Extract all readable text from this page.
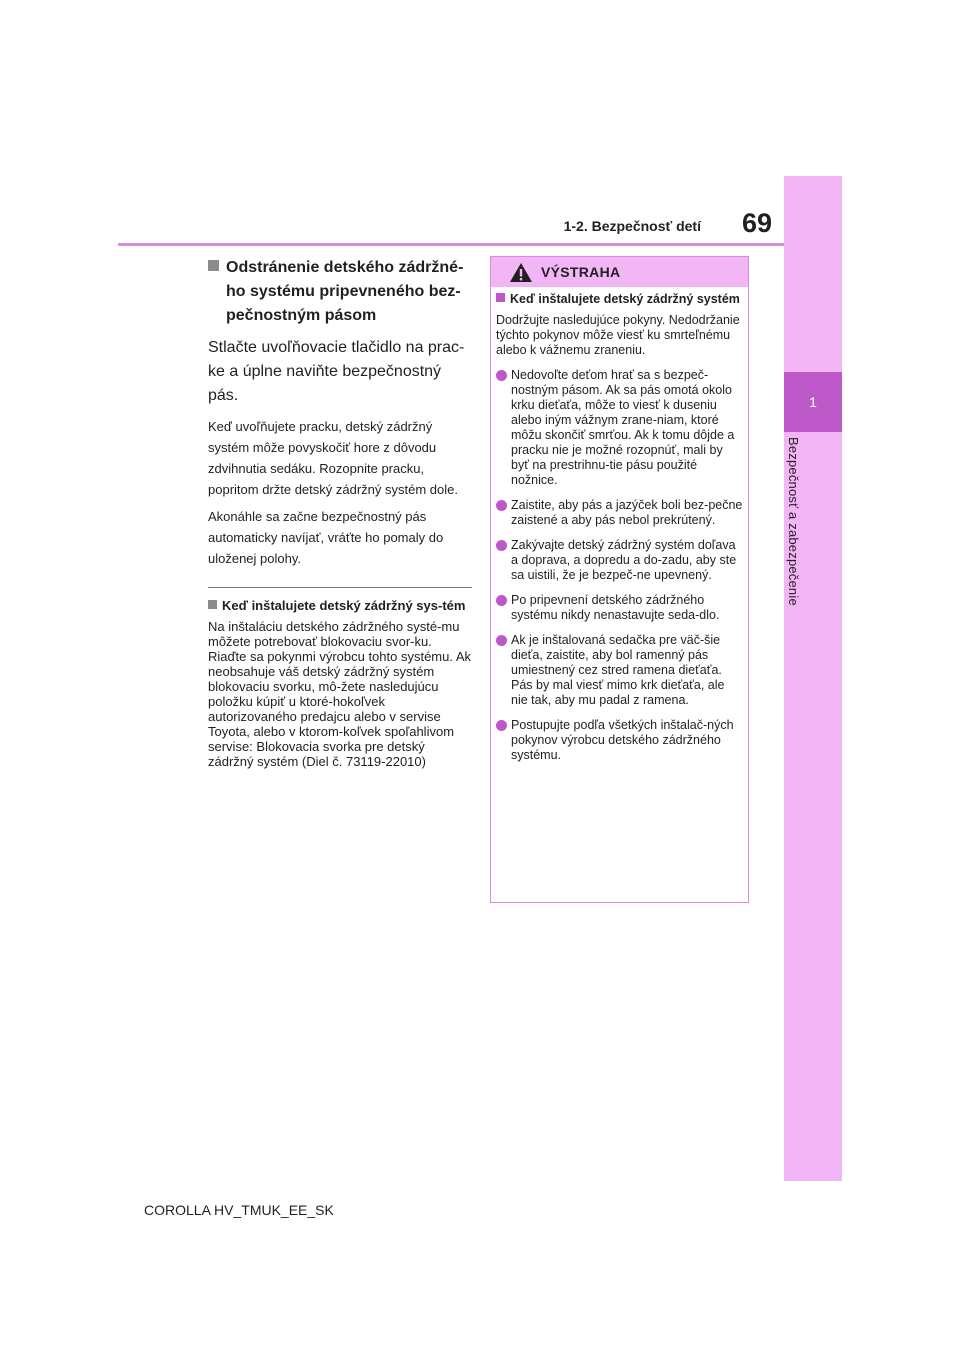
1
Bezpečnosť a zabezpečenie
1-2. Bezpečnosť detí	69

Odstránenie detského zádržné-ho systému pripevneného bez-pečnostným pásom

Stlačte uvoľňovacie tlačidlo na prac-ke a úplne naviňte bezpečnostný pás.

Keď uvoľňujete pracku, detský zádržný systém môže povyskočiť hore z dôvodu zdvihnutia sedáku. Rozopnite pracku, popritom držte detský zádržný systém dole.

Akonáhle sa začne bezpečnostný pás automaticky navíjať, vráťte ho pomaly do uloženej polohy.

Keď inštalujete detský zádržný sys-tém

Na inštaláciu detského zádržného systé-mu môžete potrebovať blokovaciu svor-ku. Riaďte sa pokynmi výrobcu tohto systému. Ak neobsahuje váš detský zádržný systém blokovaciu svorku, mô-žete nasledujúcu položku kúpiť u ktoré-hokoľvek autorizovaného predajcu alebo v servise Toyota, alebo v ktorom-koľvek spoľahlivom servise: Blokovacia svorka pre detský zádržný systém (Diel č. 73119-22010)

VÝSTRAHA

Keď inštalujete detský zádržný systém

Dodržujte nasledujúce pokyny. Nedodržanie týchto pokynov môže viesť ku smrteľnému alebo k vážnemu zraneniu.

Nedovoľte deťom hrať sa s bezpeč-nostným pásom. Ak sa pás omotá okolo krku dieťaťa, môže to viesť k duseniu alebo iným vážnym zrane-niam, ktoré môžu skončiť smrťou. Ak k tomu dôjde a pracku nie je možné rozopnúť, mali by byť na prestrihnu-tie pásu použité nožnice.
Zaistite, aby pás a jazýček boli bez-pečne zaistené a aby pás nebol prekrútený.
Zakývajte detský zádržný systém doľava a doprava, a dopredu a do-zadu, aby ste sa uistili, že je bezpeč-ne upevnený.
Po pripevnení detského zádržného systému nikdy nenastavujte seda-dlo.
Ak je inštalovaná sedačka pre väč-šie dieťa, zaistite, aby bol ramenný pás umiestnený cez stred ramena dieťaťa. Pás by mal viesť mimo krk dieťaťa, ale nie tak, aby mu padal z ramena.
Postupujte podľa všetkých inštalač-ných pokynov výrobcu detského zádržného systému.
COROLLA HV_TMUK_EE_SK
